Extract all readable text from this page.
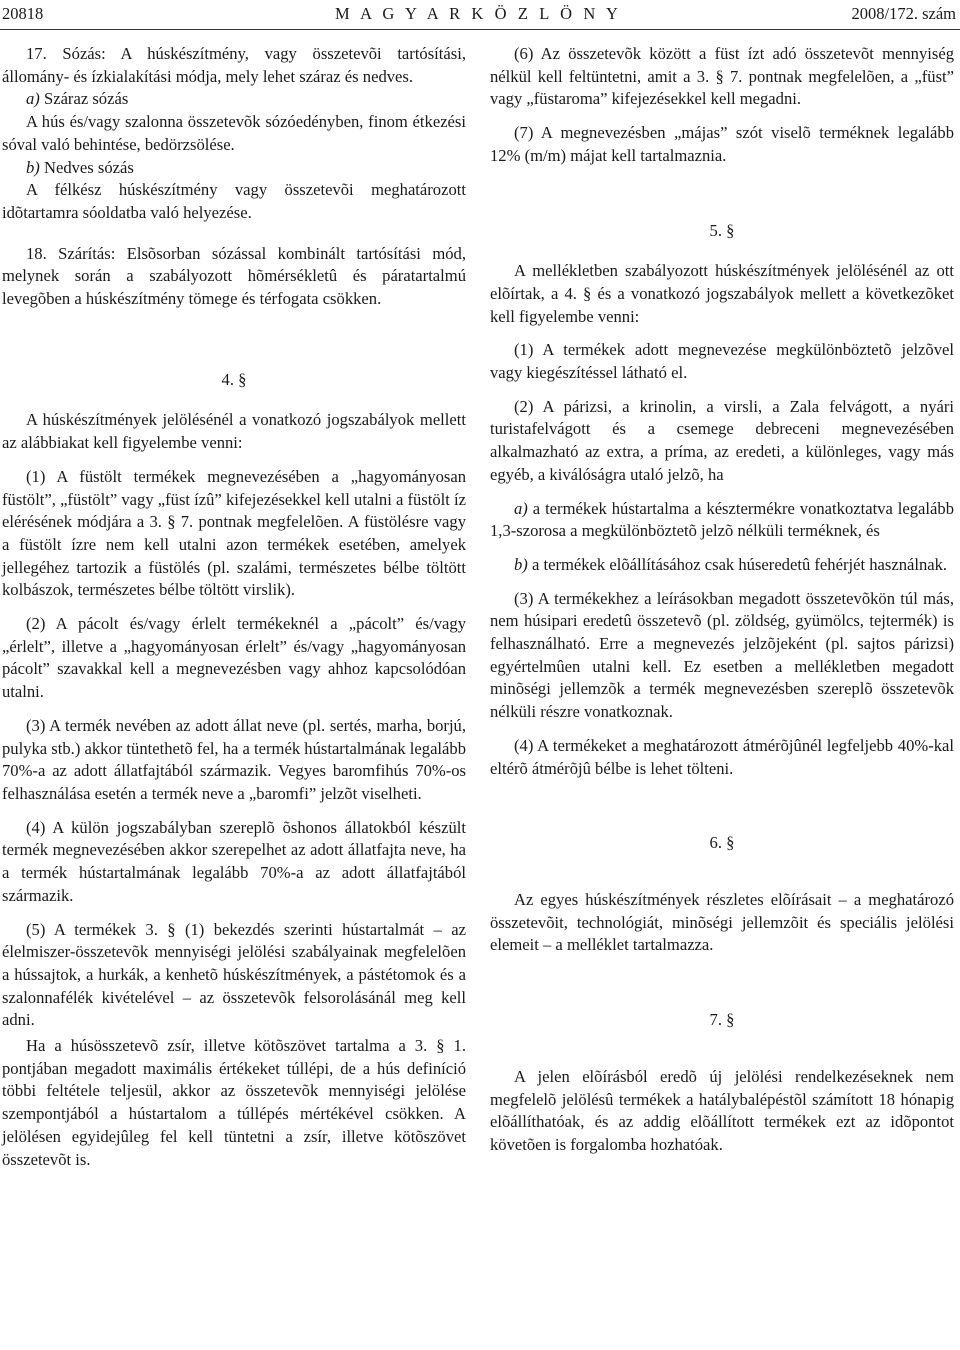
20818	M A G Y A R K Ö Z L Ö N Y	2008/172. szám

17. Sózás: A húskészítmény, vagy összetevõi tartósítási, állomány- és ízkialakítási módja, mely lehet száraz és nedves.

a) Száraz sózás

A hús és/vagy szalonna összetevõk sózóedényben, finom étkezési sóval való behintése, bedörzsölése.

b) Nedves sózás

A félkész húskészítmény vagy összetevõi meghatározott idõtartamra sóoldatba való helyezése.

18. Szárítás: Elsõsorban sózással kombinált tartósítási mód, melynek során a szabályozott hõmérsékletû és páratartalmú levegõben a húskészítmény tömege és térfogata csökken.

4. §

A húskészítmények jelölésénél a vonatkozó jogszabályok mellett az alábbiakat kell figyelembe venni:

(1) A füstölt termékek megnevezésében a „hagyományosan füstölt”, „füstölt” vagy „füst ízû” kifejezésekkel kell utalni a füstölt íz elérésének módjára a 3. § 7. pontnak megfelelõen. A füstölésre vagy a füstölt ízre nem kell utalni azon termékek esetében, amelyek jellegéhez tartozik a füstölés (pl. szalámi, természetes bélbe töltött kolbászok, természetes bélbe töltött virslik).

(2) A pácolt és/vagy érlelt termékeknél a „pácolt” és/vagy „érlelt”, illetve a „hagyományosan érlelt” és/vagy „hagyományosan pácolt” szavakkal kell a megnevezésben vagy ahhoz kapcsolódóan utalni.

(3) A termék nevében az adott állat neve (pl. sertés, marha, borjú, pulyka stb.) akkor tüntethetõ fel, ha a termék hústartalmának legalább 70%-a az adott állatfajtából származik. Vegyes baromfihús 70%-os felhasználása esetén a termék neve a „baromfi” jelzõt viselheti.

(4) A külön jogszabályban szereplõ õshonos állatokból készült termék megnevezésében akkor szerepelhet az adott állatfajta neve, ha a termék hústartalmának legalább 70%-a az adott állatfajtából származik.

(5) A termékek 3. § (1) bekezdés szerinti hústartalmát – az élelmiszer-összetevõk mennyiségi jelölési szabályainak megfelelõen a hússajtok, a hurkák, a kenhetõ húskészítmények, a pástétomok és a szalonnafélék kivételével – az összetevõk felsorolásánál meg kell adni.

Ha a húsösszetevõ zsír, illetve kötõszövet tartalma a 3. § 1. pontjában megadott maximális értékeket túllépi, de a hús definíció többi feltétele teljesül, akkor az összetevõk mennyiségi jelölése szempontjából a hústartalom a túllépés mértékével csökken. A jelölésen egyidejûleg fel kell tüntetni a zsír, illetve kötõszövet összetevõt is.

(6) Az összetevõk között a füst ízt adó összetevõt mennyiség nélkül kell feltüntetni, amit a 3. § 7. pontnak megfelelõen, a „füst” vagy „füstaroma” kifejezésekkel kell megadni.

(7) A megnevezésben „májas” szót viselõ terméknek legalább 12% (m/m) májat kell tartalmaznia.

5. §

A mellékletben szabályozott húskészítmények jelölésénél az ott elõírtak, a 4. § és a vonatkozó jogszabályok mellett a következõket kell figyelembe venni:

(1) A termékek adott megnevezése megkülönböztetõ jelzõvel vagy kiegészítéssel látható el.

(2) A párizsi, a krinolin, a virsli, a Zala felvágott, a nyári turistafelvágott és a csemege debreceni megnevezésében alkalmazható az extra, a príma, az eredeti, a különleges, vagy más egyéb, a kiválóságra utaló jelzõ, ha

a) a termékek hústartalma a késztermékre vonatkoztatva legalább 1,3-szorosa a megkülönböztetõ jelzõ nélküli terméknek, és

b) a termékek elõállításához csak húseredetû fehérjét használnak.

(3) A termékekhez a leírásokban megadott összetevõkön túl más, nem húsipari eredetû összetevõ (pl. zöldség, gyümölcs, tejtermék) is felhasználható. Erre a megnevezés jelzõjeként (pl. sajtos párizsi) egyértelmûen utalni kell. Ez esetben a mellékletben megadott minõségi jellemzõk a termék megnevezésben szereplõ összetevõk nélküli részre vonatkoznak.

(4) A termékeket a meghatározott átmérõjûnél legfeljebb 40%-kal eltérõ átmérõjû bélbe is lehet tölteni.

6. §

Az egyes húskészítmények részletes elõírásait – a meghatározó összetevõit, technológiát, minõségi jellemzõit és speciális jelölési elemeit – a melléklet tartalmazza.

7. §

A jelen elõírásból eredõ új jelölési rendelkezéseknek nem megfelelõ jelölésû termékek a hatálybalépéstõl számított 18 hónapig elõállíthatóak, és az addig elõállított termékek ezt az idõpontot követõen is forgalomba hozhatóak.
